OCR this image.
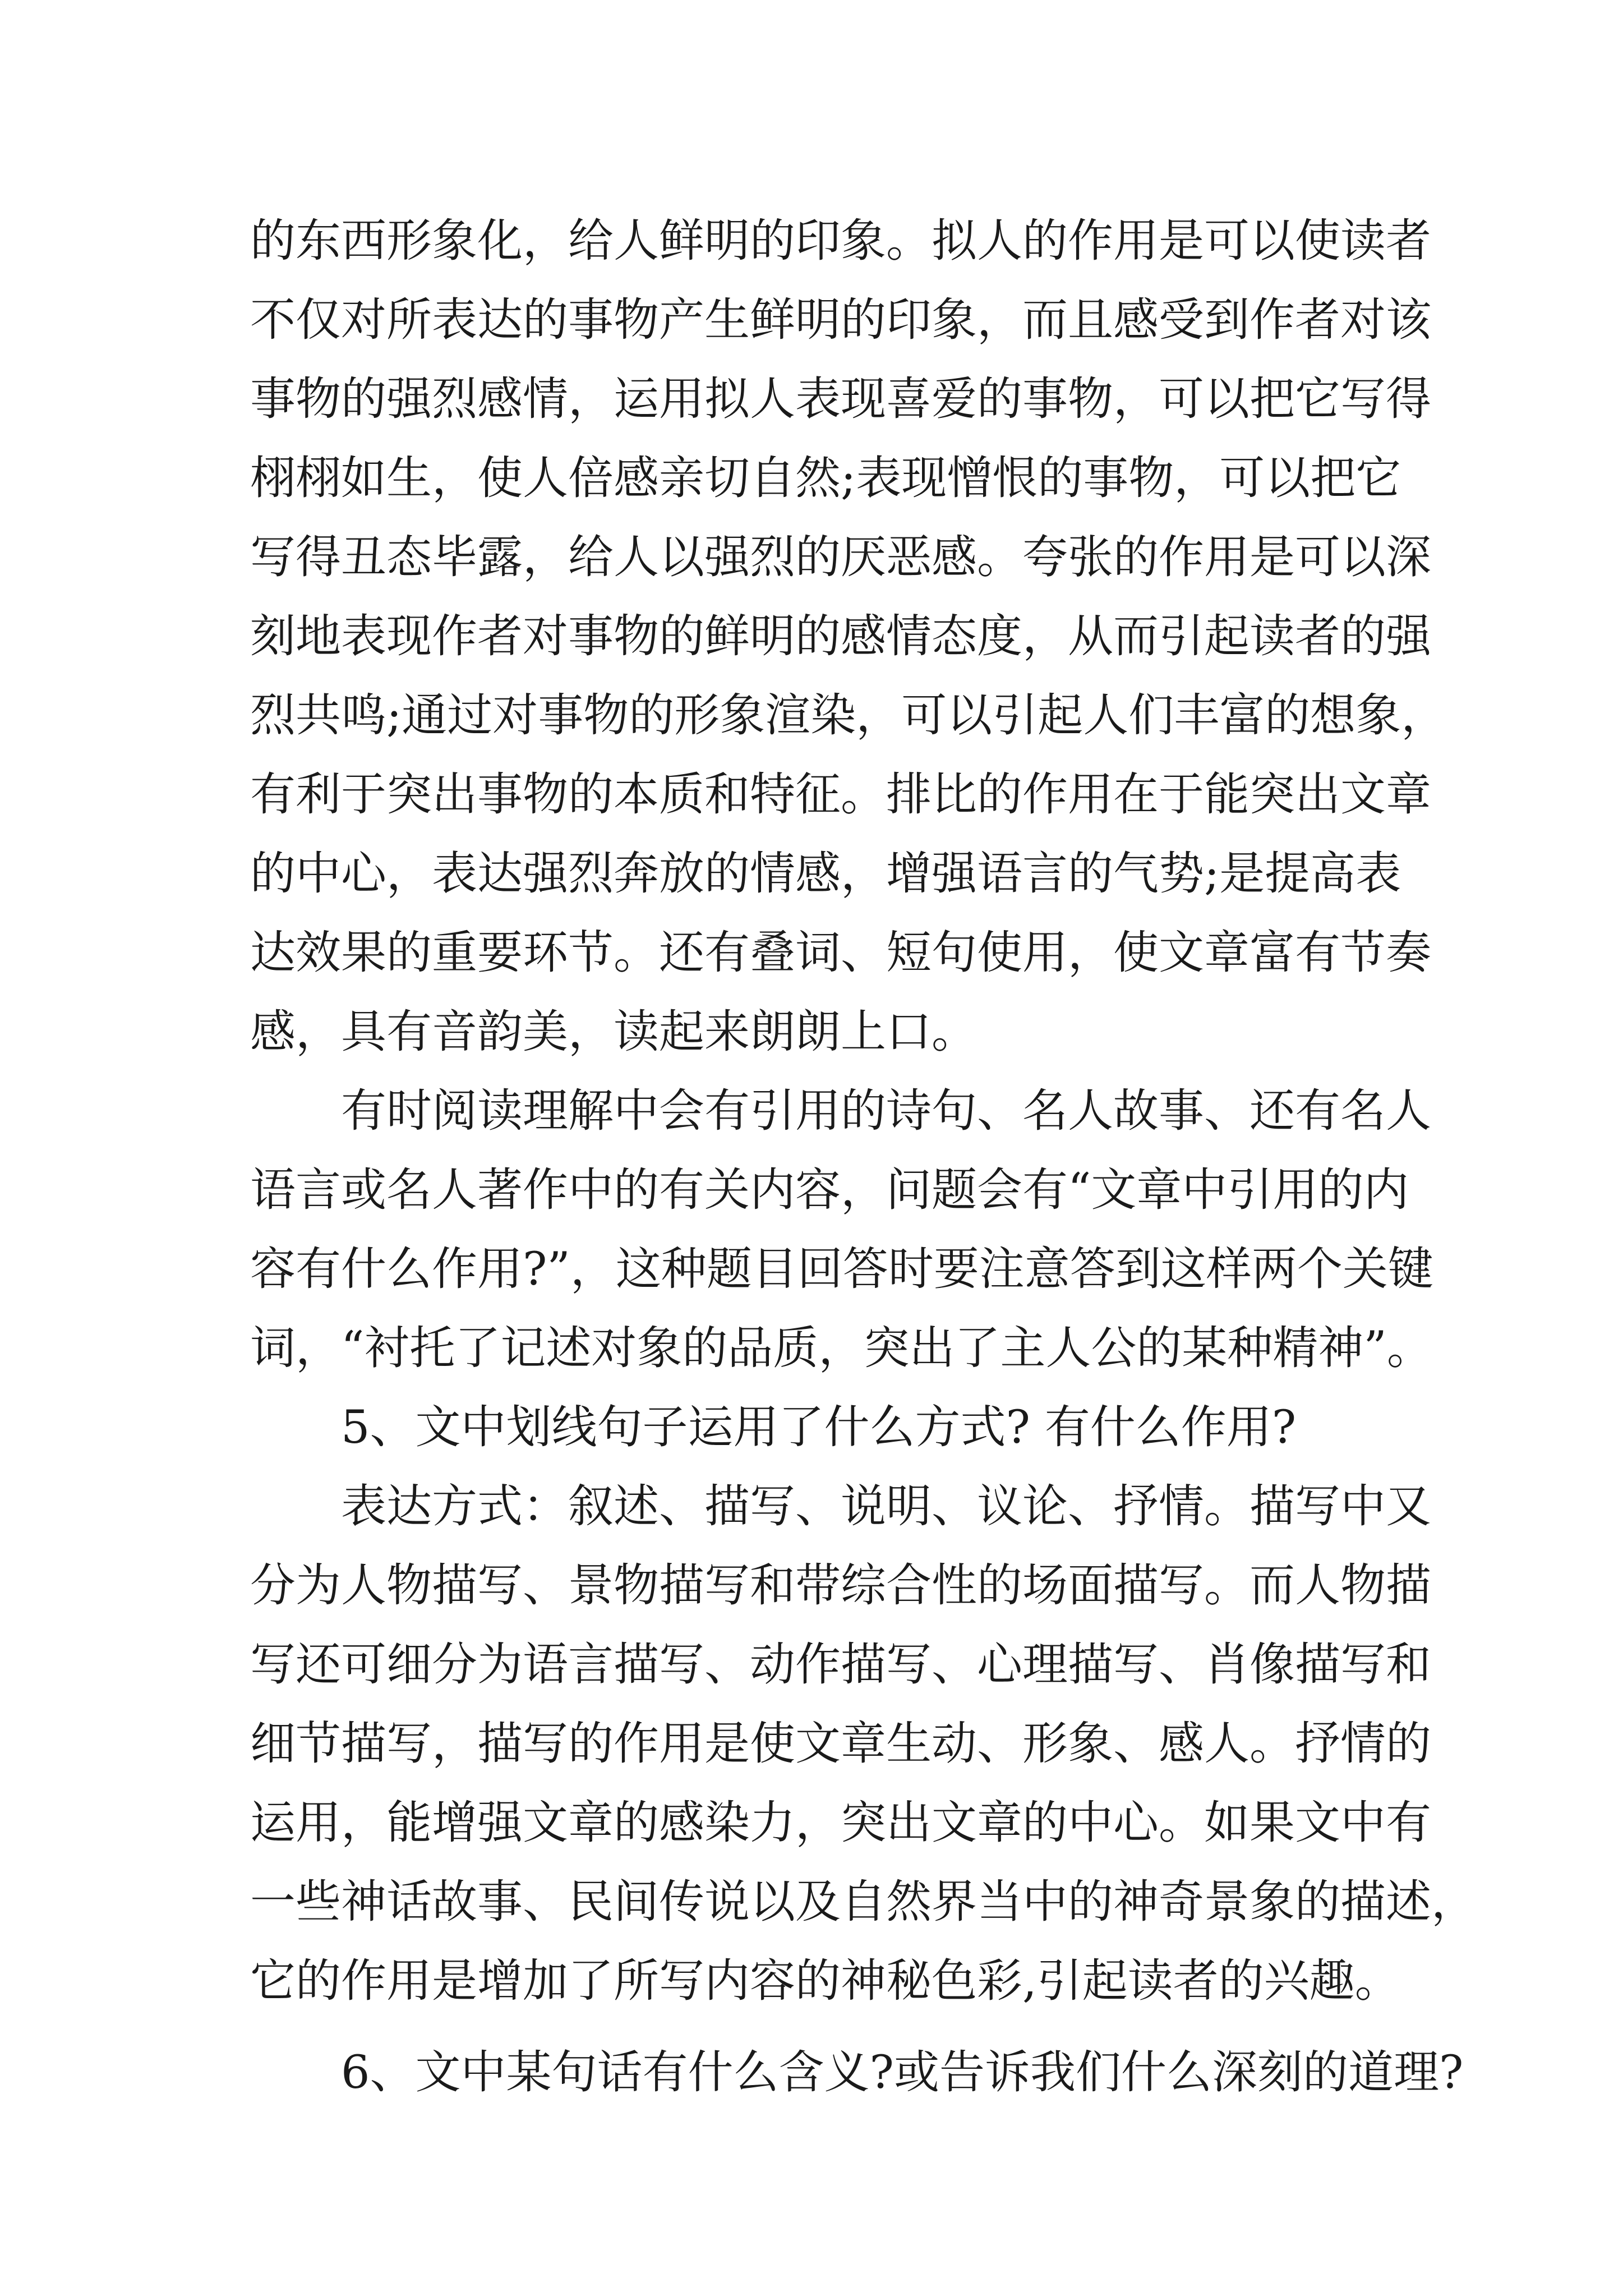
的东西形象化，给人鲜明的印象。拟人的作用是可以使读者
不仅对所表达的事物产生鲜明的印象，而且感受到作者对该
事物的强烈感情，运用拟人表现喜爱的事物，可以把它写得
栩栩如生，使人倍感亲切自然;表现憎恨的事物，可以把它
写得丑态毕露，给人以强烈的厌恶感。夸张的作用是可以深
刻地表现作者对事物的鲜明的感情态度，从而引起读者的强
烈共鸣;通过对事物的形象渲染，可以引起人们丰富的想象，
有利于突出事物的本质和特征。排比的作用在于能突出文章
的中心，表达强烈奔放的情感，增强语言的气势;是提高表
达效果的重要环节。还有叠词、短句使用，使文章富有节奏
感，具有音韵美，读起来朗朗上口。
有时阅读理解中会有引用的诗句、名人故事、还有名人
语言或名人著作中的有关内容，问题会有“文章中引用的内
容有什么作用?”，这种题目回答时要注意答到这样两个关键
词，“衬托了记述对象的品质，突出了主人公的某种精神”。
5、文中划线句子运用了什么方式? 有什么作用?
表达方式：叙述、描写、说明、议论、抒情。描写中又
分为人物描写、景物描写和带综合性的场面描写。而人物描
写还可细分为语言描写、动作描写、心理描写、肖像描写和
细节描写，描写的作用是使文章生动、形象、感人。抒情的
运用，能增强文章的感染力，突出文章的中心。如果文中有
一些神话故事、民间传说以及自然界当中的神奇景象的描述，
它的作用是增加了所写内容的神秘色彩,引起读者的兴趣。
6、文中某句话有什么含义?或告诉我们什么深刻的道理?
